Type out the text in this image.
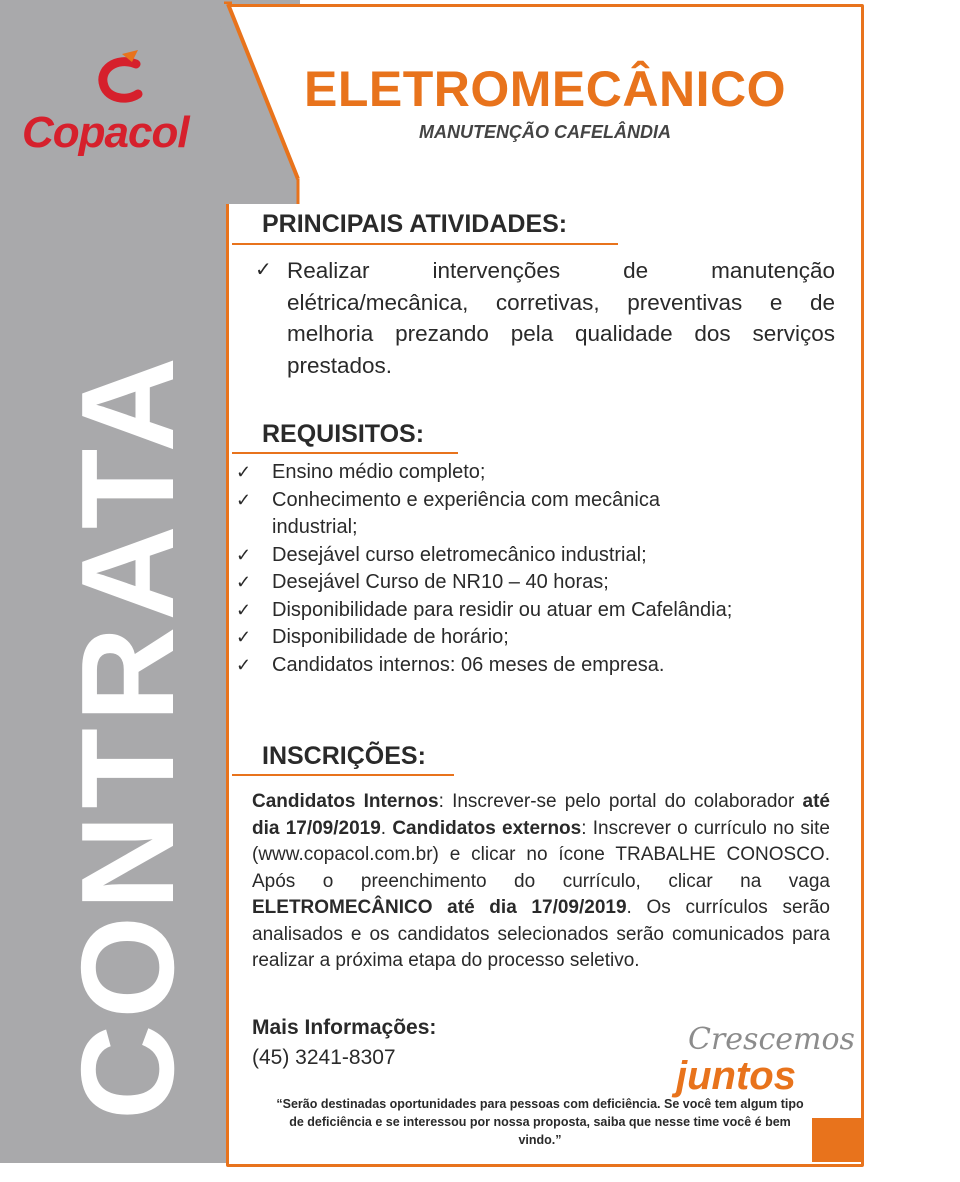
Copacol
CONTRATA
ELETROMECÂNICO
MANUTENÇÃO CAFELÂNDIA
PRINCIPAIS ATIVIDADES:
✓ Realizar intervenções de manutenção elétrica/mecânica, corretivas, preventivas e de melhoria prezando pela qualidade dos serviços prestados.
REQUISITOS:
✓	Ensino médio completo;
✓	Conhecimento e experiência com mecânica industrial;
✓	Desejável curso eletromecânico industrial;
✓	Desejável Curso de NR10 – 40 horas;
✓	Disponibilidade para residir ou atuar em Cafelândia;
✓	Disponibilidade de horário;
✓	Candidatos internos: 06 meses de empresa.
INSCRIÇÕES:
Candidatos Internos: Inscrever-se pelo portal do colaborador até dia 17/09/2019. Candidatos externos: Inscrever o currículo no site (www.copacol.com.br) e clicar no ícone TRABALHE CONOSCO. Após o preenchimento do currículo, clicar na vaga ELETROMECÂNICO até dia 17/09/2019. Os currículos serão analisados e os candidatos selecionados serão comunicados para realizar a próxima etapa do processo seletivo.
Mais Informações:
(45) 3241-8307
Crescemos
juntos
“Serão destinadas oportunidades para pessoas com deficiência. Se você tem algum tipo de deficiência e se interessou por nossa proposta, saiba que nesse time você é bem vindo.”
